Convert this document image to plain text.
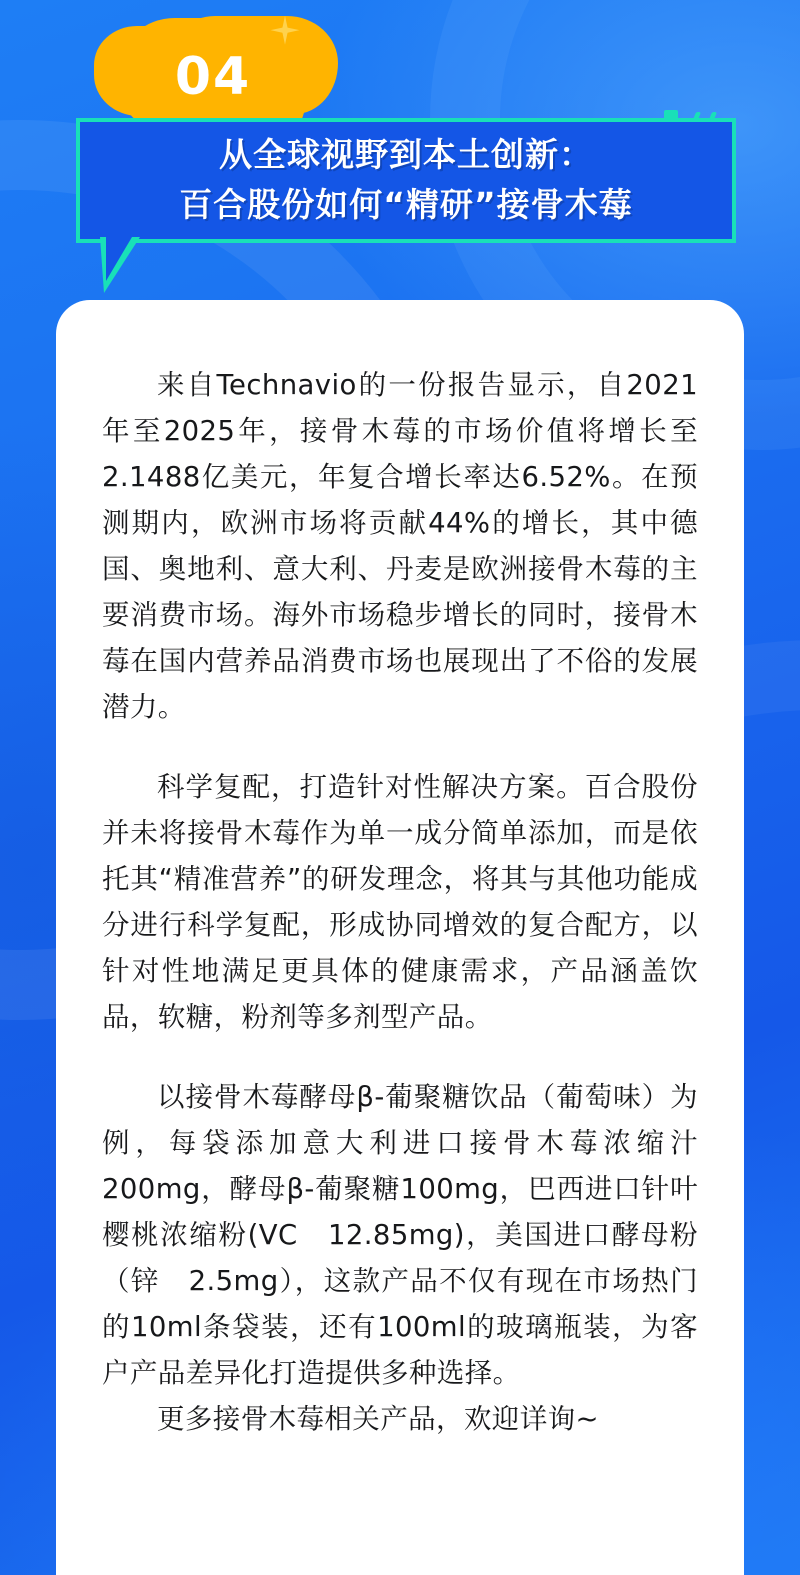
04
从全球视野到本土创新：
百合股份如何“精研”接骨木莓

来自Technavio的一份报告显示，自2021年至2025年，接骨木莓的市场价值将增长至2.1488亿美元，年复合增长率达6.52%。在预测期内，欧洲市场将贡献44%的增长，其中德国、奥地利、意大利、丹麦是欧洲接骨木莓的主要消费市场。海外市场稳步增长的同时，接骨木莓在国内营养品消费市场也展现出了不俗的发展潜力。

科学复配，打造针对性解决方案。百合股份并未将接骨木莓作为单一成分简单添加，而是依托其“精准营养”的研发理念，将其与其他功能成分进行科学复配，形成协同增效的复合配方，以针对性地满足更具体的健康需求，产品涵盖饮品，软糖，粉剂等多剂型产品。

以接骨木莓酵母β-葡聚糖饮品（葡萄味）为例，每袋添加意大利进口接骨木莓浓缩汁200mg，酵母β-葡聚糖100mg，巴西进口针叶樱桃浓缩粉(VC　12.85mg)，美国进口酵母粉（锌　2.5mg），这款产品不仅有现在市场热门的10ml条袋装，还有100ml的玻璃瓶装，为客户产品差异化打造提供多种选择。

更多接骨木莓相关产品，欢迎详询~
